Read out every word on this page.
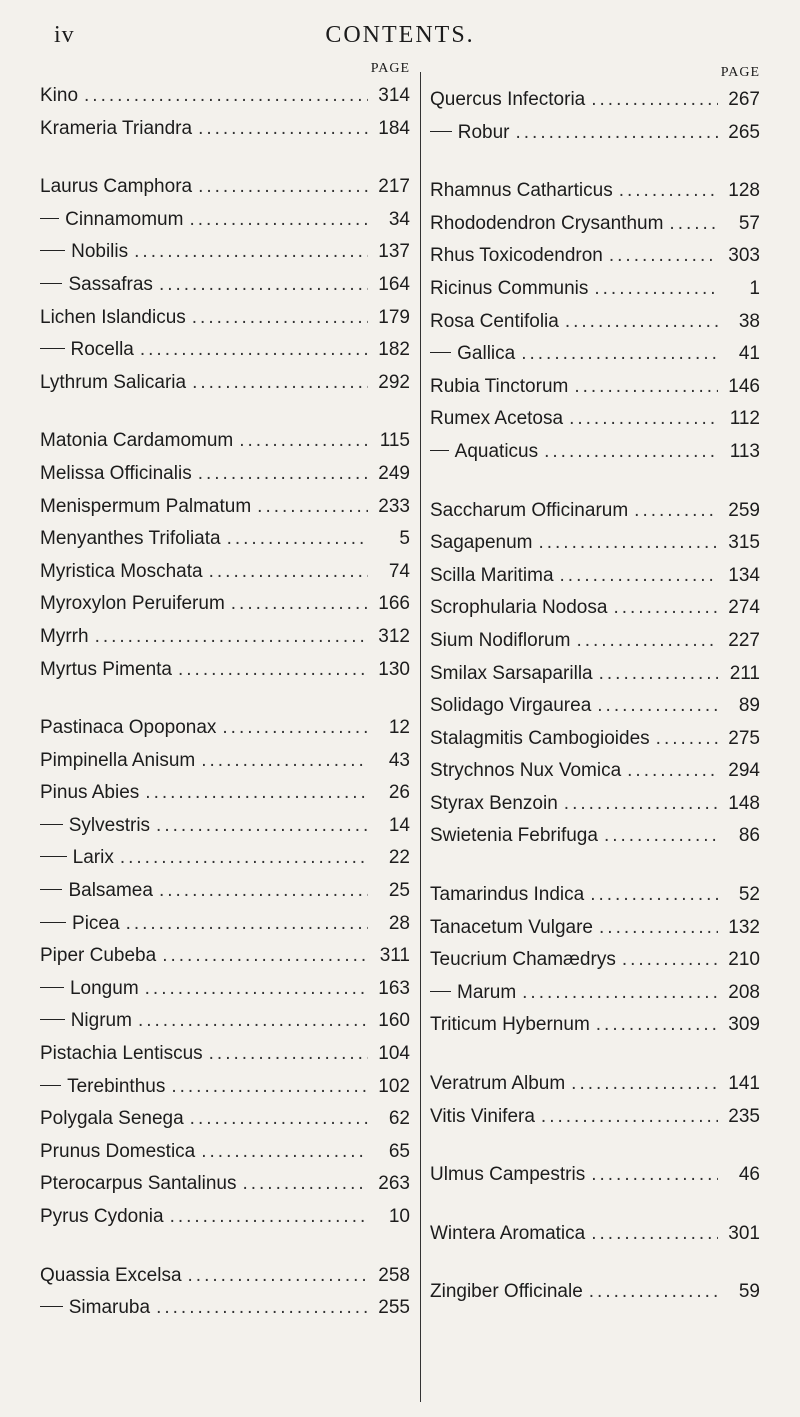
iv	CONTENTS.
PAGE
Kino .....	314
Krameria Triandra .....	184
Laurus Camphora .....	217
Cinnamomum .....	34
Nobilis .....	137
Sassafras .....	164
Lichen Islandicus .....	179
Rocella .....	182
Lythrum Salicaria .....	292
Matonia Cardamomum .....	115
Melissa Officinalis .....	249
Menispermum Palmatum .....	233
Menyanthes Trifoliata .....	5
Myristica Moschata .....	74
Myroxylon Peruiferum .....	166
Myrrh .....	312
Myrtus Pimenta .....	130
Pastinaca Opoponax .....	12
Pimpinella Anisum .....	43
Pinus Abies .....	26
Sylvestris .....	14
Larix .....	22
Balsamea .....	25
Picea .....	28
Piper Cubeba .....	311
Longum .....	163
Nigrum .....	160
Pistachia Lentiscus .....	104
Terebinthus .....	102
Polygala Senega .....	62
Prunus Domestica .....	65
Pterocarpus Santalinus .....	263
Pyrus Cydonia .....	10
Quassia Excelsa .....	258
Simaruba .....	255
PAGE
Quercus Infectoria .....	267
Robur .....	265
Rhamnus Catharticus .....	128
Rhododendron Crysanthum .....	57
Rhus Toxicodendron .....	303
Ricinus Communis .....	1
Rosa Centifolia .....	38
Gallica .....	41
Rubia Tinctorum .....	146
Rumex Acetosa .....	112
Aquaticus .....	113
Saccharum Officinarum .....	259
Sagapenum .....	315
Scilla Maritima .....	134
Scrophularia Nodosa .....	274
Sium Nodiflorum .....	227
Smilax Sarsaparilla .....	211
Solidago Virgaurea .....	89
Stalagmitis Cambogioides .....	275
Strychnos Nux Vomica .....	294
Styrax Benzoin .....	148
Swietenia Febrifuga .....	86
Tamarindus Indica .....	52
Tanacetum Vulgare .....	132
Teucrium Chamædrys .....	210
Marum .....	208
Triticum Hybernum .....	309
Veratrum Album .....	141
Vitis Vinifera .....	235
Ulmus Campestris .....	46
Wintera Aromatica .....	301
Zingiber Officinale .....	59
